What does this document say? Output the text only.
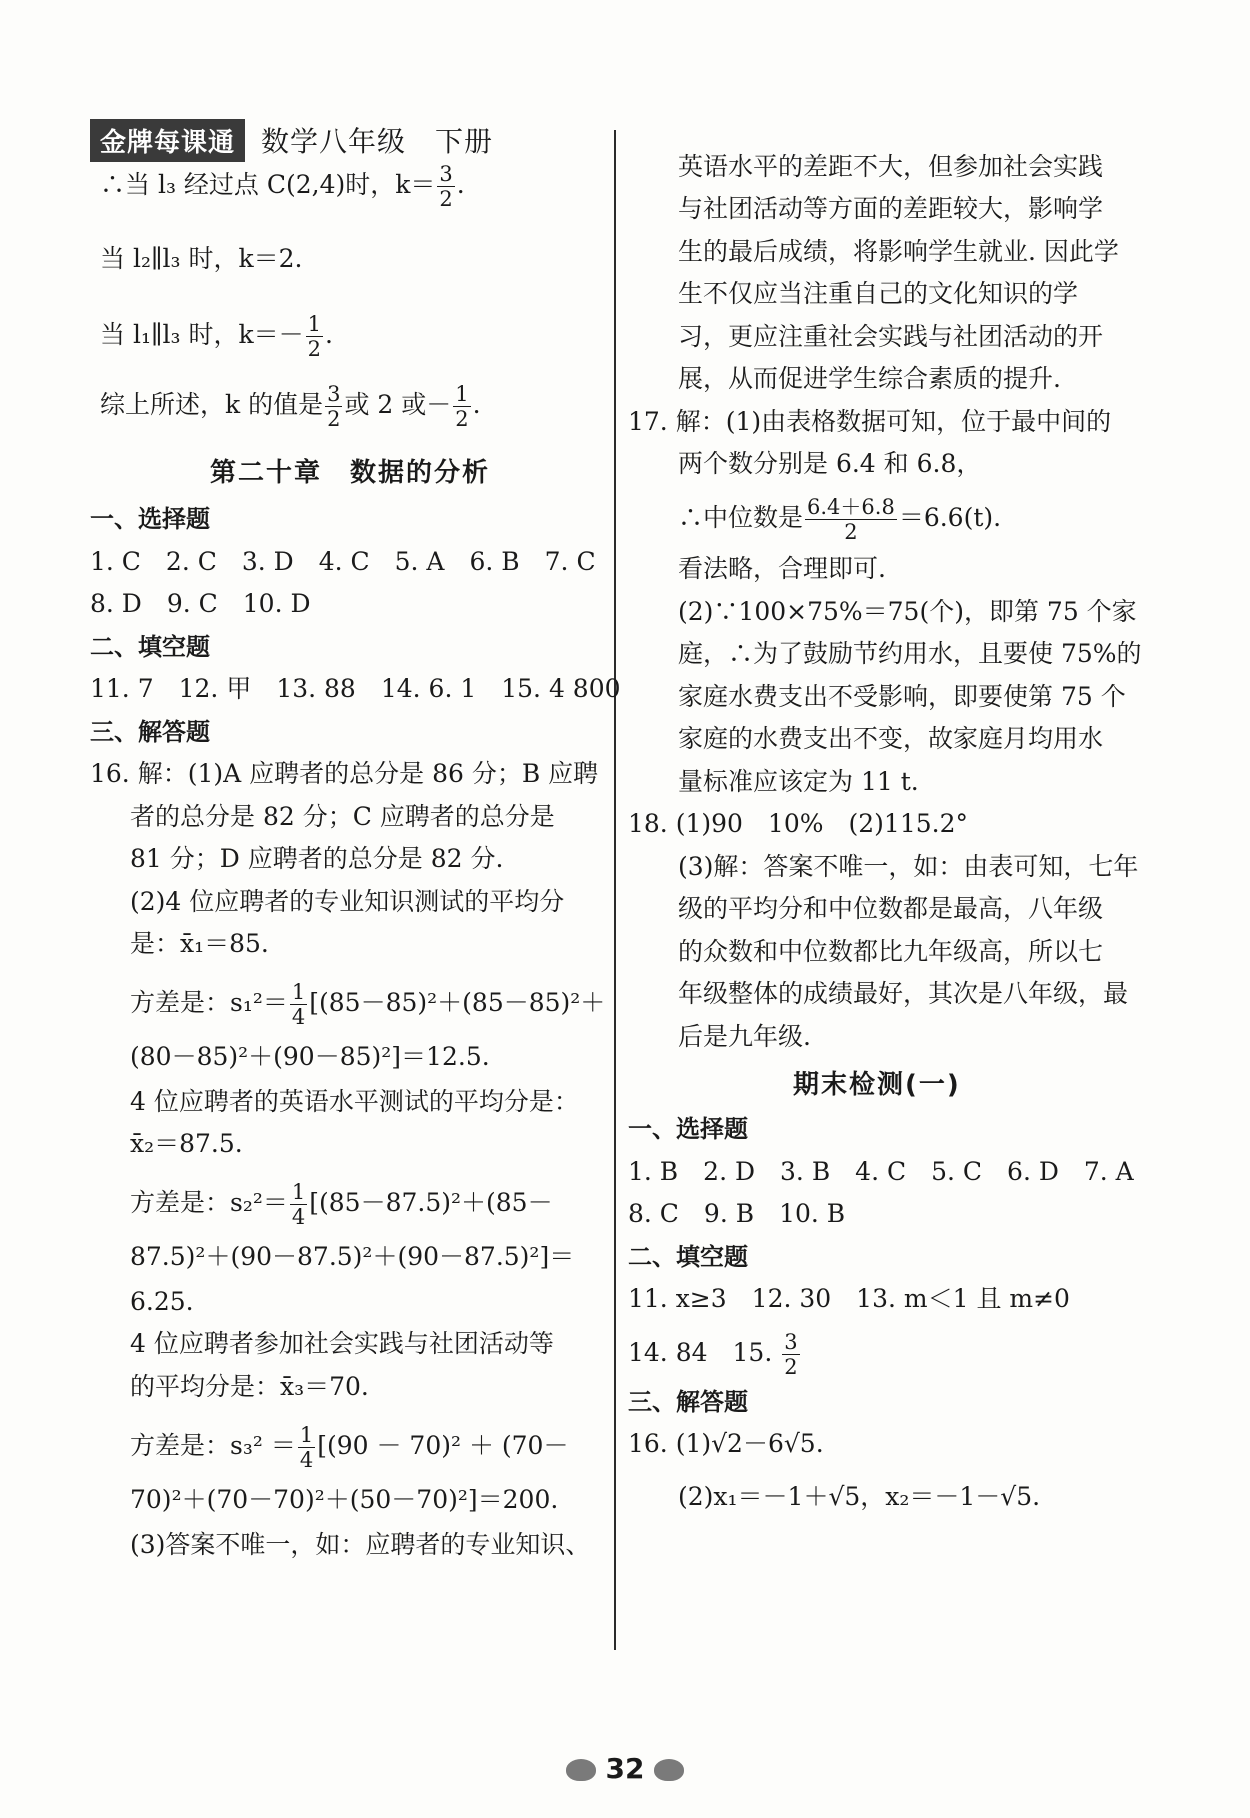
金牌每课通 数学八年级　下册
∴当 l₃ 经过点 C(2,4)时，$k= \frac{3}{2}$ .
当 l₂∥l₃ 时，k＝2.
当 l₁∥l₃ 时，$k=- \frac{1}{2}$ .
综上所述，k 的值是 $\frac{3}{2}$ 或 2 或－ $\frac{1}{2}$ .
第二十章　数据的分析
一、选择题
1. C　2. C　3. D　4. C　5. A　6. B　7. C
8. D　9. C　10. D
二、填空题
11. 7　12. 甲　13. 88　14. 6. 1　15. 4 800
三、解答题
16. 解：(1)A 应聘者的总分是 86 分；B 应聘
者的总分是 82 分；C 应聘者的总分是
81 分；D 应聘者的总分是 82 分.
(2)4 位应聘者的专业知识测试的平均分
是：x̄₁＝85.
方差是：$s_1^2= \frac{1}{4} [(85-85)^2+(85-85)^2+$
(80－85)²＋(90－85)²]＝12.5.
4 位应聘者的英语水平测试的平均分是：
x̄₂＝87.5.
方差是：$s_2^2= \frac{1}{4} [(85-87.5)^2+(85-$
87.5)²＋(90－87.5)²＋(90－87.5)²]＝
6.25.
4 位应聘者参加社会实践与社团活动等
的平均分是：x̄₃＝70.
方差是：$s_3^2 = \frac{1}{4} [(90 - 70)^2 + (70-$
70)²＋(70－70)²＋(50－70)²]＝200.
(3)答案不唯一，如：应聘者的专业知识、
英语水平的差距不大，但参加社会实践
与社团活动等方面的差距较大，影响学
生的最后成绩，将影响学生就业. 因此学
生不仅应当注重自己的文化知识的学
习，更应注重社会实践与社团活动的开
展，从而促进学生综合素质的提升.
17. 解：(1)由表格数据可知，位于最中间的
两个数分别是 6.4 和 6.8，
∴中位数是 $\frac{6.4+6.8}{2} =6.6(t)$.
看法略，合理即可.
(2)∵100×75%＝75(个)，即第 75 个家
庭，∴为了鼓励节约用水，且要使 75%的
家庭水费支出不受影响，即要使第 75 个
家庭的水费支出不变，故家庭月均用水
量标准应该定为 11 t.
18. (1)90　10%　(2)115.2°
(3)解：答案不唯一，如：由表可知，七年
级的平均分和中位数都是最高，八年级
的众数和中位数都比九年级高，所以七
年级整体的成绩最好，其次是八年级，最
后是九年级.
期末检测(一)
一、选择题
1. B　2. D　3. B　4. C　5. C　6. D　7. A
8. C　9. B　10. B
二、填空题
11. x≥3　12. 30　13. m＜1 且 m≠0
14. 84　15. $\frac{3}{2}$
三、解答题
16. (1)√2－6√5.
(2)x₁＝－1＋√5，x₂＝－1－√5.
32
